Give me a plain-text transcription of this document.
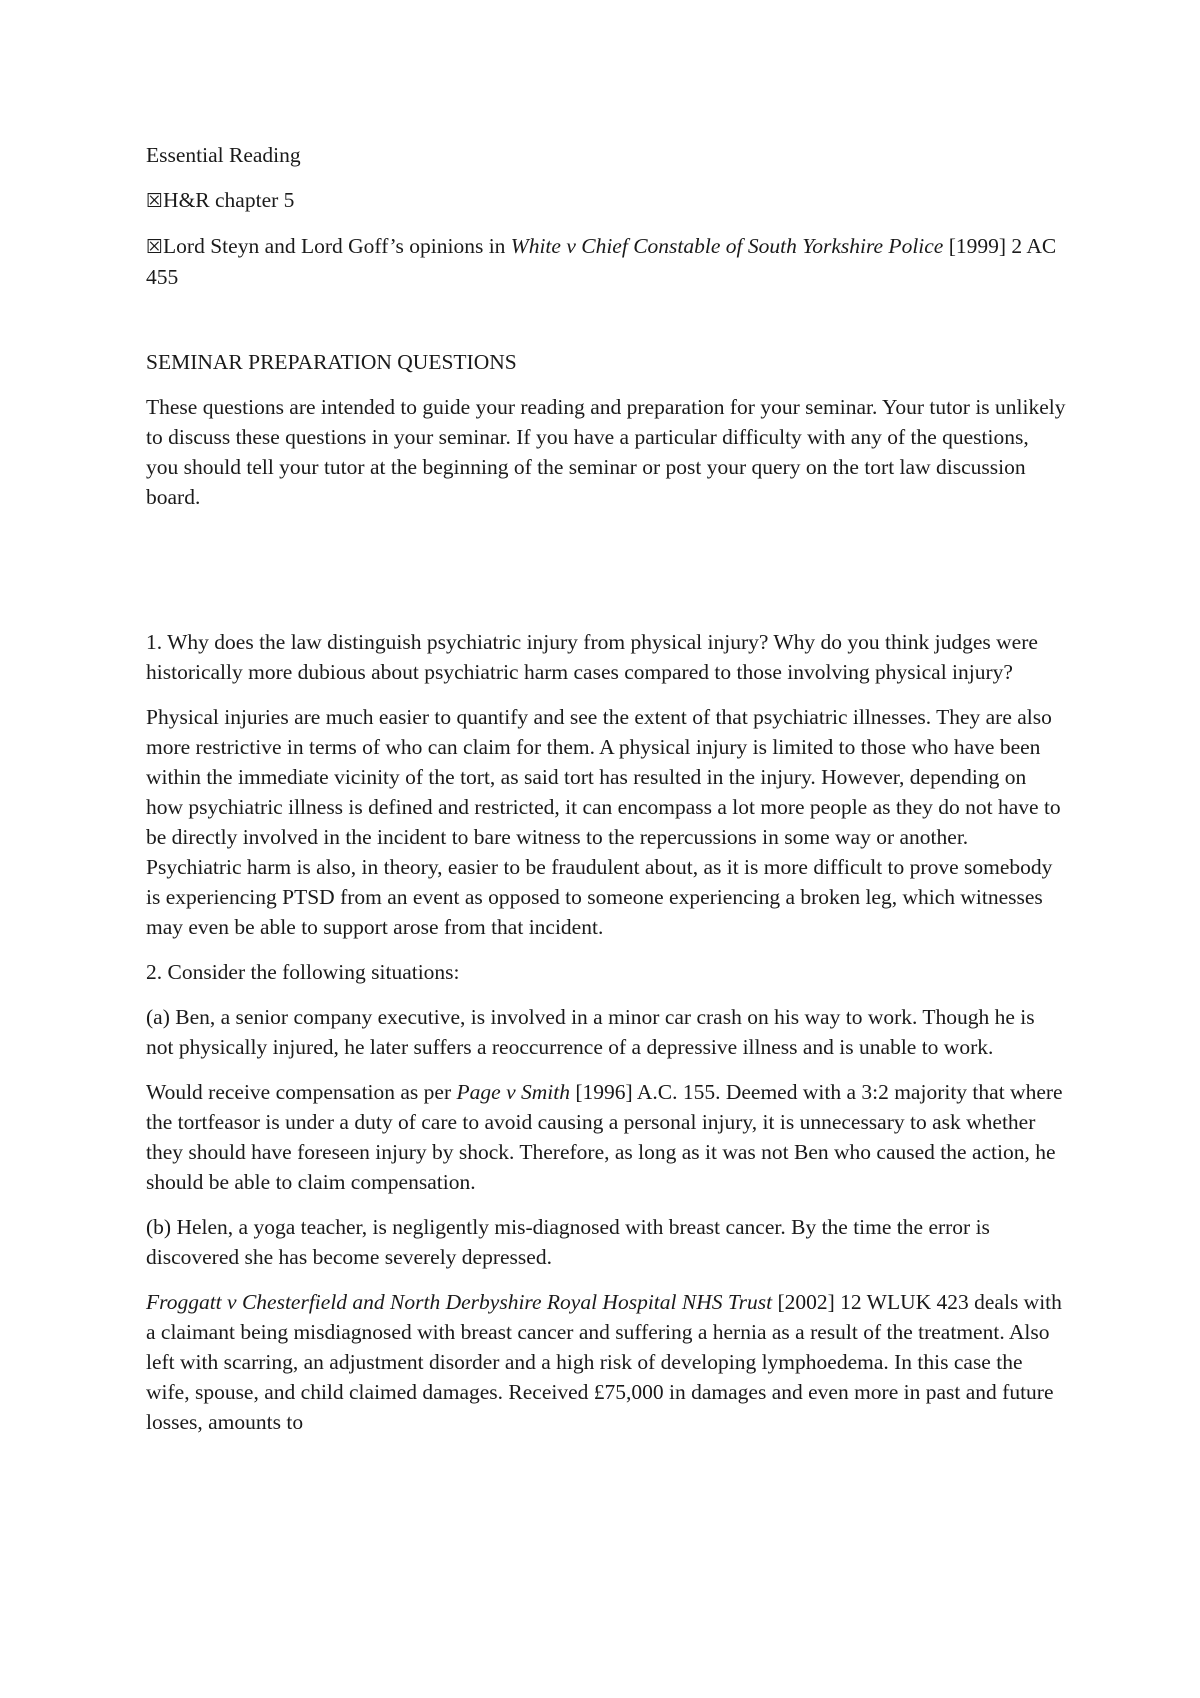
Essential Reading

☒H&R chapter 5

☒Lord Steyn and Lord Goff’s opinions in White v Chief Constable of South Yorkshire Police [1999] 2 AC 455

SEMINAR PREPARATION QUESTIONS

These questions are intended to guide your reading and preparation for your seminar. Your tutor is unlikely to discuss these questions in your seminar. If you have a particular difficulty with any of the questions, you should tell your tutor at the beginning of the seminar or post your query on the tort law discussion board.

1. Why does the law distinguish psychiatric injury from physical injury? Why do you think judges were historically more dubious about psychiatric harm cases compared to those involving physical injury?

Physical injuries are much easier to quantify and see the extent of that psychiatric illnesses. They are also more restrictive in terms of who can claim for them. A physical injury is limited to those who have been within the immediate vicinity of the tort, as said tort has resulted in the injury. However, depending on how psychiatric illness is defined and restricted, it can encompass a lot more people as they do not have to be directly involved in the incident to bare witness to the repercussions in some way or another. Psychiatric harm is also, in theory, easier to be fraudulent about, as it is more difficult to prove somebody is experiencing PTSD from an event as opposed to someone experiencing a broken leg, which witnesses may even be able to support arose from that incident.

2. Consider the following situations:

(a) Ben, a senior company executive, is involved in a minor car crash on his way to work. Though he is not physically injured, he later suffers a reoccurrence of a depressive illness and is unable to work.

Would receive compensation as per Page v Smith [1996] A.C. 155. Deemed with a 3:2 majority that where the tortfeasor is under a duty of care to avoid causing a personal injury, it is unnecessary to ask whether they should have foreseen injury by shock. Therefore, as long as it was not Ben who caused the action, he should be able to claim compensation.

(b) Helen, a yoga teacher, is negligently mis-diagnosed with breast cancer. By the time the error is discovered she has become severely depressed.

Froggatt v Chesterfield and North Derbyshire Royal Hospital NHS Trust [2002] 12 WLUK 423 deals with a claimant being misdiagnosed with breast cancer and suffering a hernia as a result of the treatment. Also left with scarring, an adjustment disorder and a high risk of developing lymphoedema. In this case the wife, spouse, and child claimed damages. Received £75,000 in damages and even more in past and future losses, amounts to
